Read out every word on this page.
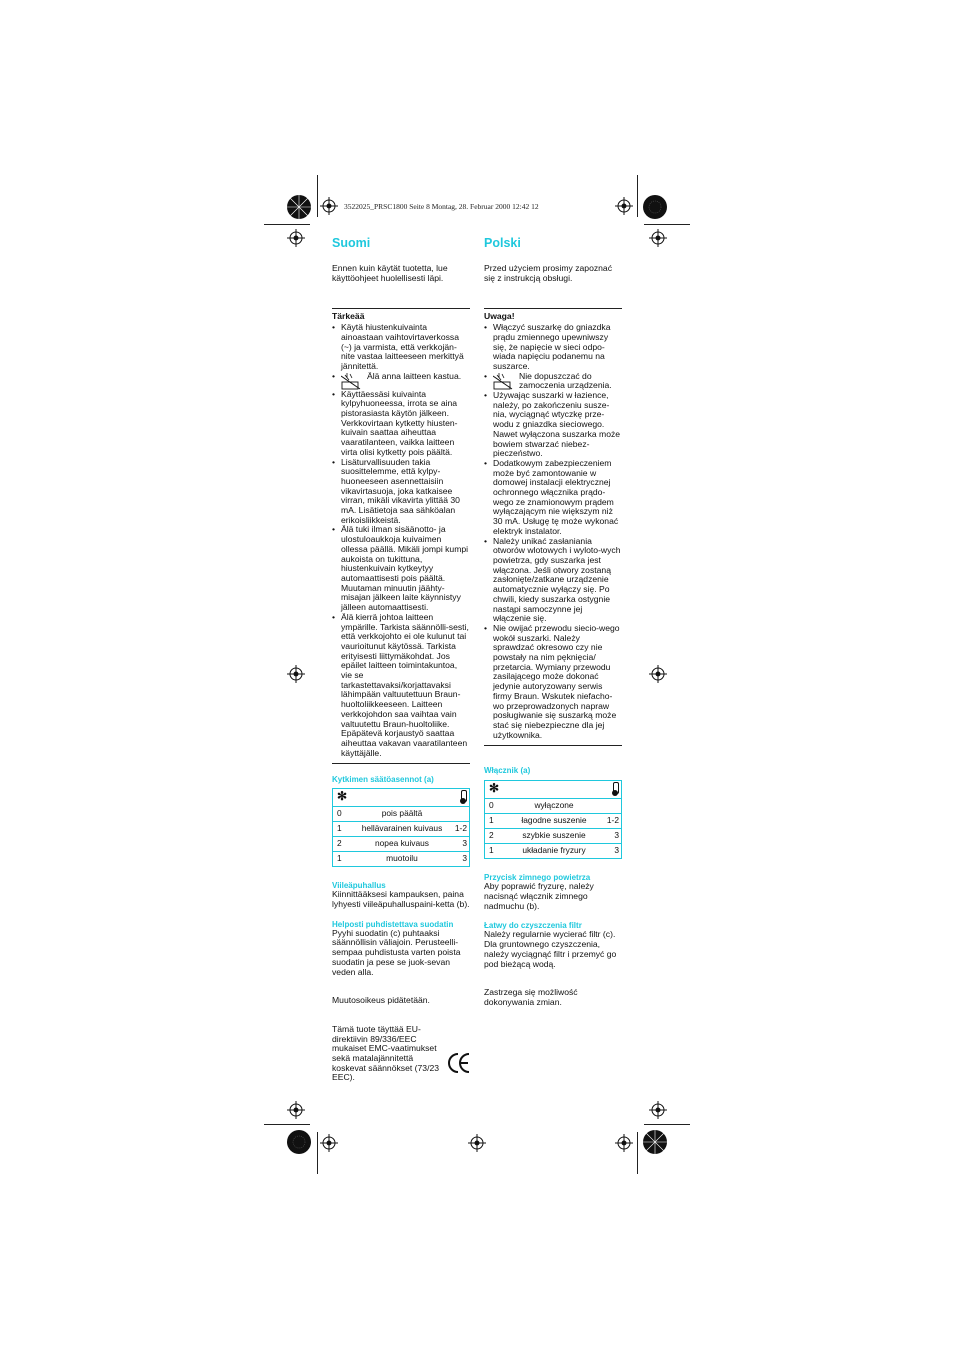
3522025_PRSC1800 Seite 8 Montag, 28. Februar 2000 12:42 12
Suomi

Ennen kuin käytät tuotetta, lue käyttöohjeet huolellisesti läpi.

Tärkeää
• Käytä hiustenkuivainta ainoastaan vaihtovirtaverkossa (~) ja varmista, että verkkojän-nite vastaa laitteeseen merkittyä jännitettä.
• Älä anna laitteen kastua.
• Käyttäessäsi kuivainta kylpyhuoneessa, irrota se aina pistorasiasta käytön jälkeen. Verkkovirtaan kytketty hiusten-kuivain saattaa aiheuttaa vaaratilanteen, vaikka laitteen virta olisi kytketty pois päältä.
• Lisäturvallisuuden takia suosittelemme, että kylpy-huoneeseen asennettaisiin vikavirtasuoja, joka katkaisee virran, mikäli vikavirta ylittää 30 mA. Lisätietoja saa sähköalan erikoisliikkeistä.
• Älä tuki ilman sisäänotto- ja ulostuloaukkoja kuivaimen ollessa päällä. Mikäli jompi kumpi aukoista on tukittuna, hiustenkuivain kytkeytyy automaattisesti pois päältä. Muutaman minuutin jäähty-misajan jälkeen laite käynnistyy jälleen automaattisesti.
• Älä kierrä johtoa laitteen ympärille. Tarkista säännölli-sesti, että verkkojohto ei ole kulunut tai vaurioitunut käytössä. Tarkista erityisesti liittymäkohdat. Jos epäilet laitteen toimintakuntoa, vie se tarkastettavaksi/korjattavaksi lähimpään valtuutettuun Braun-huoltoliikkeeseen. Laitteen verkkojohdon saa vaihtaa vain valtuutettu Braun-huoltoliike. Epäpätevä korjaustyö saattaa aiheuttaa vakavan vaaratilanteen käyttäjälle.
Kytkimen säätöasennot (a)
✻		
0	pois päältä	
1	hellävarainen kuivaus	1-2
2	nopea kuivaus	3
1	muotoilu	3
Viileäpuhallus

Kiinnittääksesi kampauksen, paina lyhyesti viileäpuhalluspaini-ketta (b).

Helposti puhdistettava suodatin

Pyyhi suodatin (c) puhtaaksi säännöllisin väliajoin. Perusteelli-sempaa puhdistusta varten poista suodatin ja pese se juok-sevan veden alla.

Muutosoikeus pidätetään.

Tämä tuote täyttää EU-direktiivin 89/336/EEC mukaiset EMC-vaatimukset sekä matalajännitettä koskevat säännökset (73/23 EEC).

Polski

Przed użyciem prosimy zapoznać się z instrukcją obsługi.

Uwaga!
• Włączyć suszarkę do gniazdka prądu zmiennego upewniwszy się, że napięcie w sieci odpo-wiada napięciu podanemu na suszarce.
• Nie dopuszczać do zamoczenia urządzenia.
• Używając suszarki w łazience, należy, po zakończeniu susze-nia, wyciągnąć wtyczkę prze-wodu z gniazdka sieciowego. Nawet wyłączona suszarka może bowiem stwarzać niebez-pieczeństwo.
• Dodatkowym zabezpieczeniem może być zamontowanie w domowej instalacji elektrycznej ochronnego włącznika prądo-wego ze znamionowym prądem wyłączającym nie większym niż 30 mA. Usługę tę może wykonać elektryk instalator.
• Należy unikać zasłaniania otworów wlotowych i wyloto-wych powietrza, gdy suszarka jest włączona. Jeśli otwory zostaną zasłonięte/zatkane urządzenie automatycznie wyłączy się. Po chwili, kiedy suszarka ostygnie nastąpi samoczynne jej włączenie się.
• Nie owijać przewodu siecio-wego wokół suszarki. Należy sprawdzać okresowo czy nie powstały na nim pęknięcia/ przetarcia. Wymiany przewodu zasilającego może dokonać jedynie autoryzowany serwis firmy Braun. Wskutek niefacho-wo przeprowadzonych napraw posługiwanie się suszarką może stać się niebezpieczne dla jej użytkownika.
Włącznik (a)
✻		
0	wyłączone	
1	łagodne suszenie	1-2
2	szybkie suszenie	3
1	układanie fryzury	3
Przycisk zimnego powietrza

Aby poprawić fryzurę, należy nacisnąć włącznik zimnego nadmuchu (b).

Łatwy do czyszczenia filtr

Należy regularnie wycierać filtr (c). Dla gruntownego czyszczenia, należy wyciągnąć filtr i przemyć go pod bieżącą wodą.

Zastrzega się możliwość dokonywania zmian.
